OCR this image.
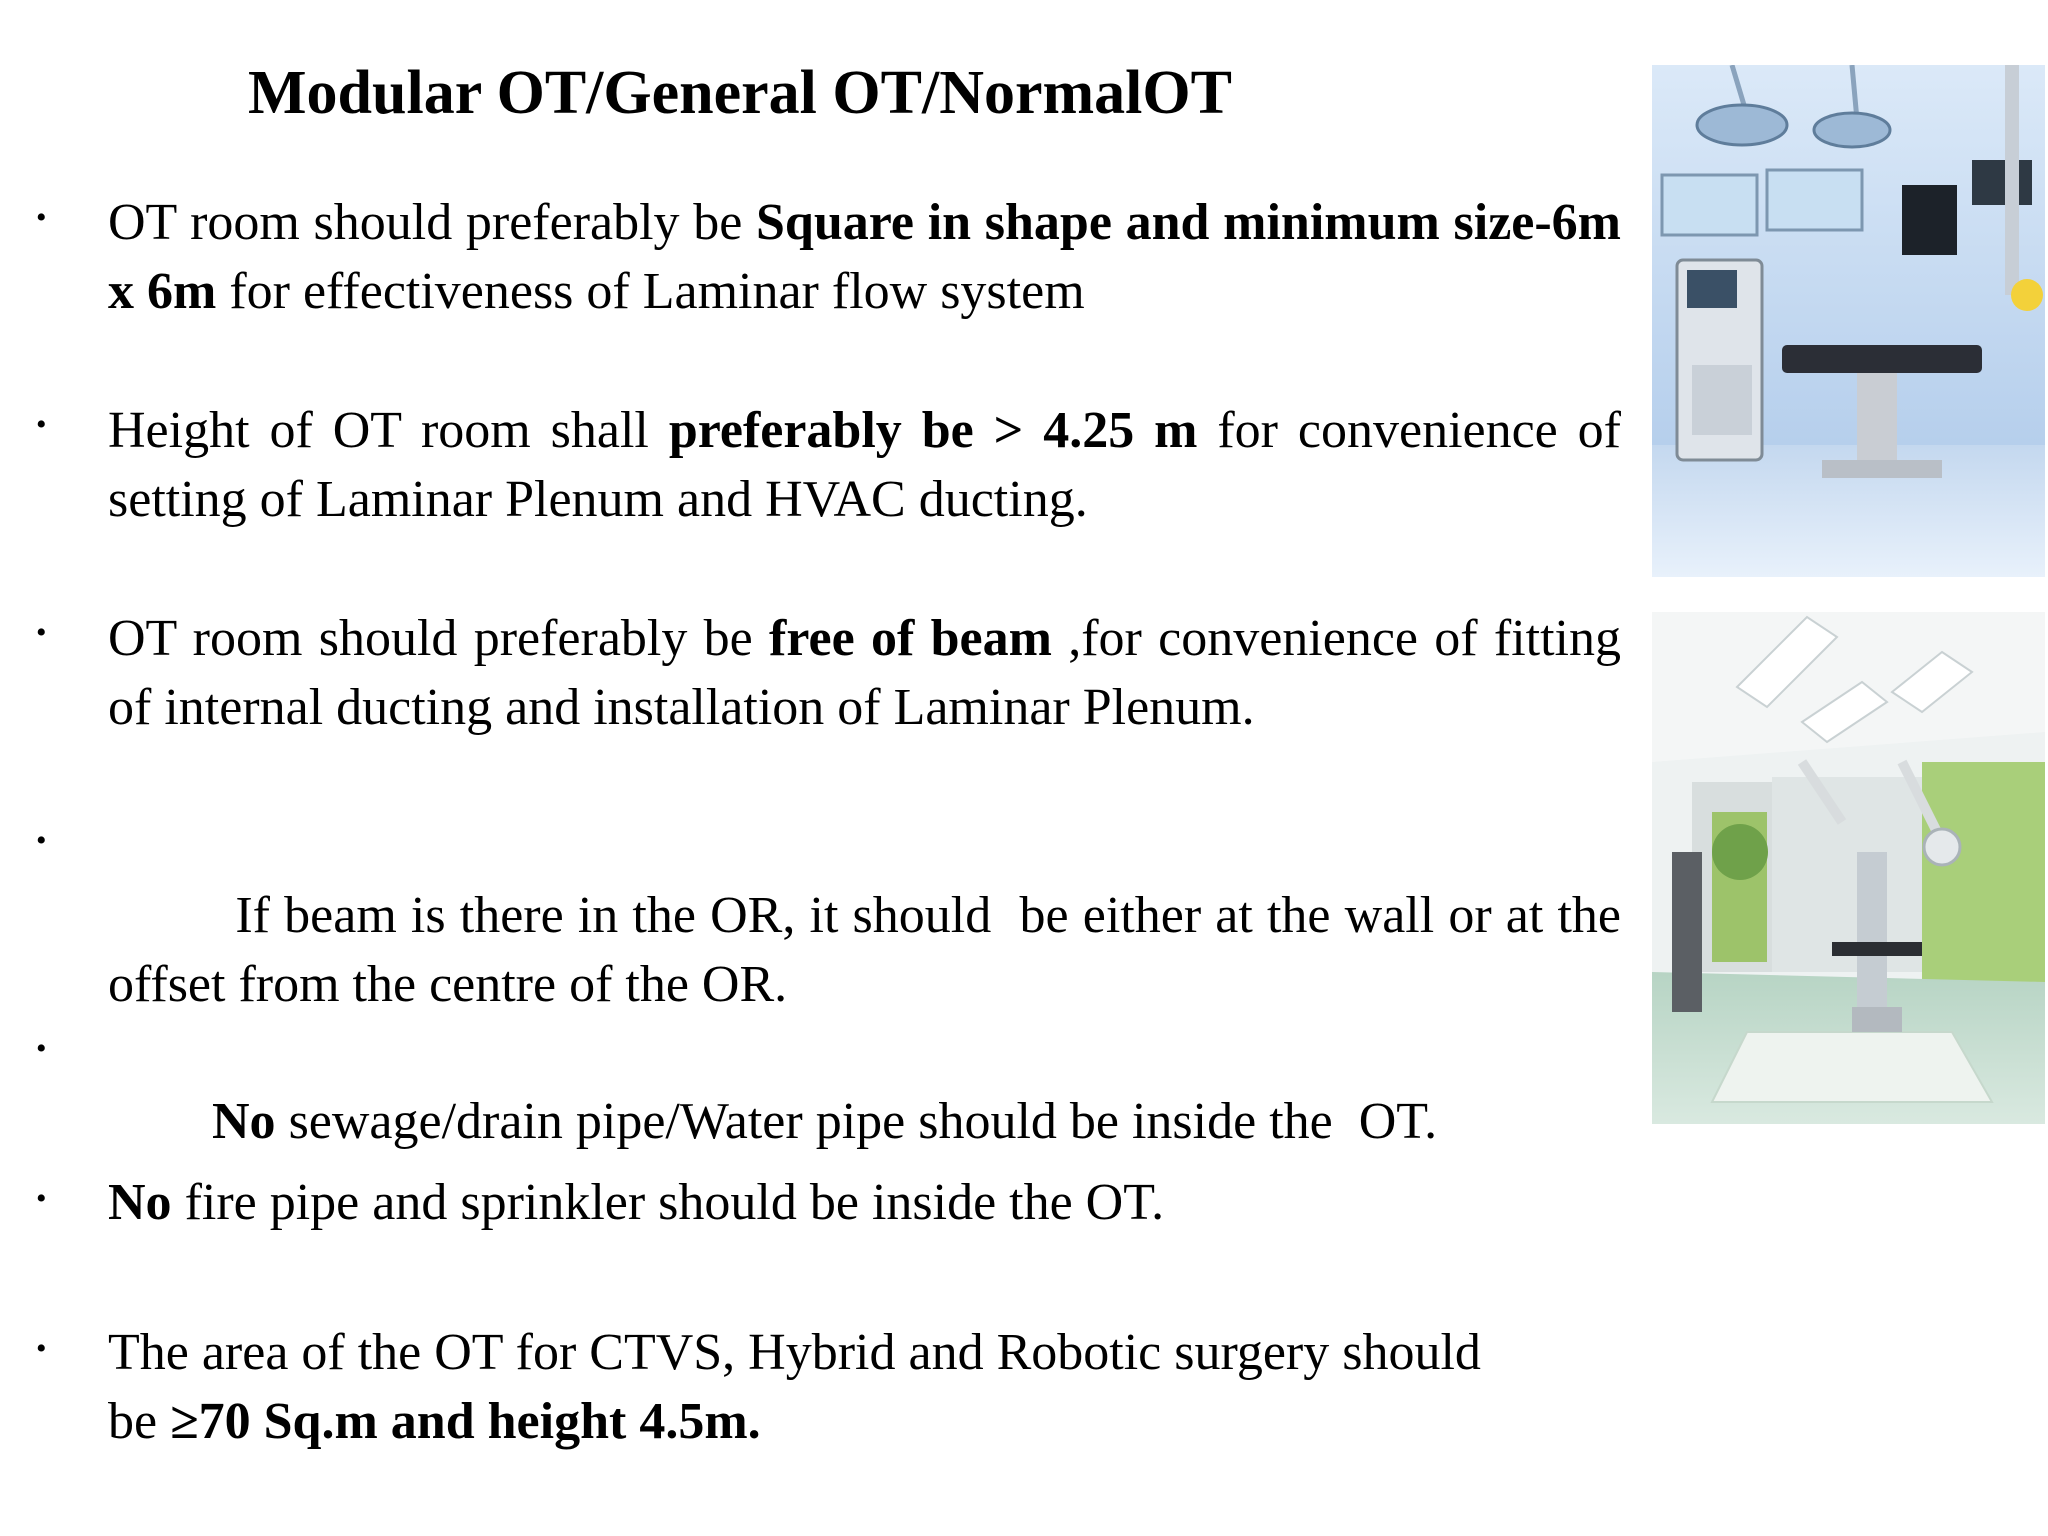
Modular OT/General OT/NormalOT
• OT room should preferably be Square in shape and minimum size-6m x 6m for effectiveness of Laminar flow system
• Height of OT room shall preferably be > 4.25 m for convenience of setting of Laminar Plenum and HVAC ducting.
• OT room should preferably be free of beam ,for convenience of fitting of internal ducting and installation of Laminar Plenum.
•

If beam is there in the OR, it should  be either at the wall or at the offset from the centre of the OR.

•

No sewage/drain pipe/Water pipe should be inside the  OT.

• No fire pipe and sprinkler should be inside the OT.
• The area of the OT for CTVS, Hybrid and Robotic surgery should be ≥70 Sq.m and height 4.5m.
